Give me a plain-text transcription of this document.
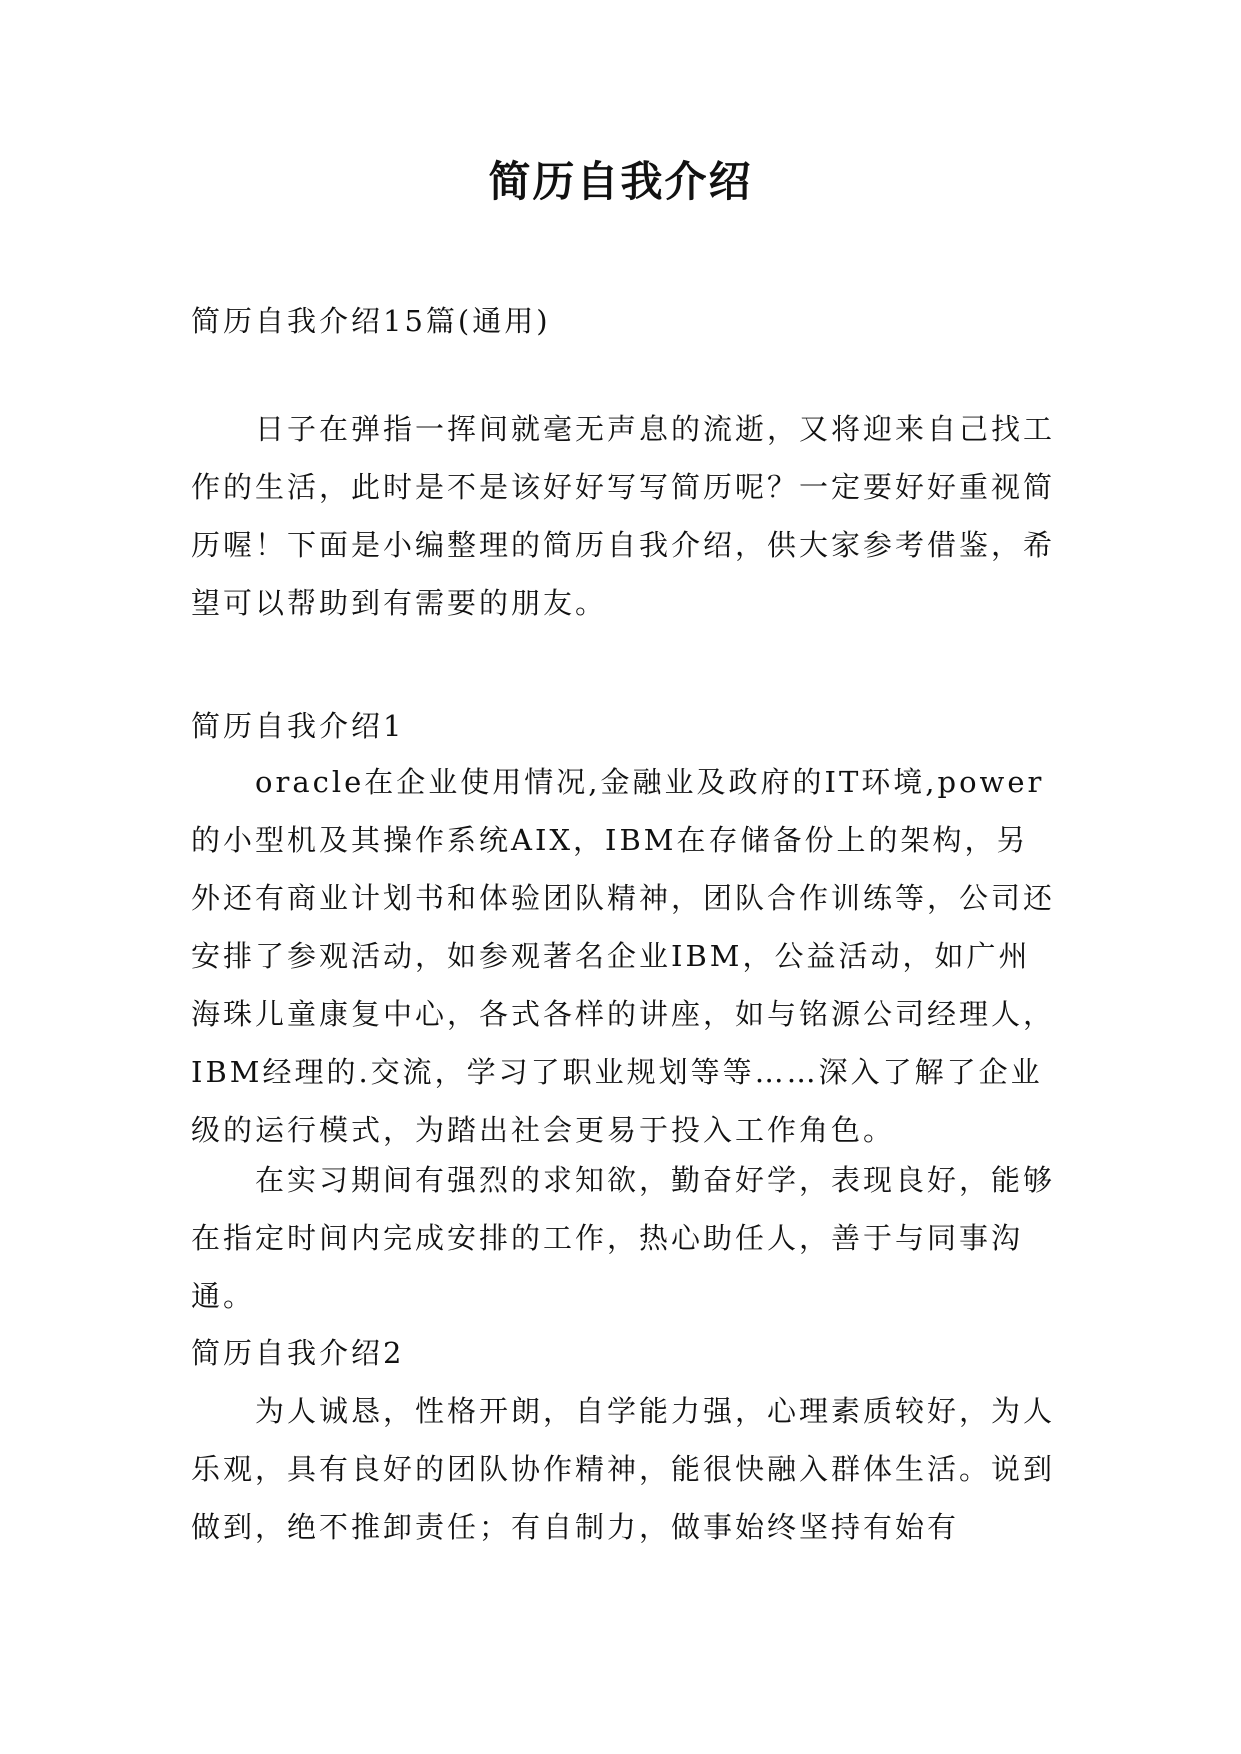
简历自我介绍
简历自我介绍15篇(通用)
日子在弹指一挥间就毫无声息的流逝，又将迎来自己找工作的生活，此时是不是该好好写写简历呢？一定要好好重视简历喔！下面是小编整理的简历自我介绍，供大家参考借鉴，希望可以帮助到有需要的朋友。
简历自我介绍1
oracle在企业使用情况,金融业及政府的IT环境,power的小型机及其操作系统AIX，IBM在存储备份上的架构，另外还有商业计划书和体验团队精神，团队合作训练等，公司还安排了参观活动，如参观著名企业IBM，公益活动，如广州海珠儿童康复中心，各式各样的讲座，如与铭源公司经理人，IBM经理的.交流，学习了职业规划等等……深入了解了企业级的运行模式，为踏出社会更易于投入工作角色。
在实习期间有强烈的求知欲，勤奋好学，表现良好，能够在指定时间内完成安排的工作，热心助任人，善于与同事沟通。
简历自我介绍2
为人诚恳，性格开朗，自学能力强，心理素质较好，为人乐观，具有良好的团队协作精神，能很快融入群体生活。说到做到，绝不推卸责任；有自制力，做事始终坚持有始有
